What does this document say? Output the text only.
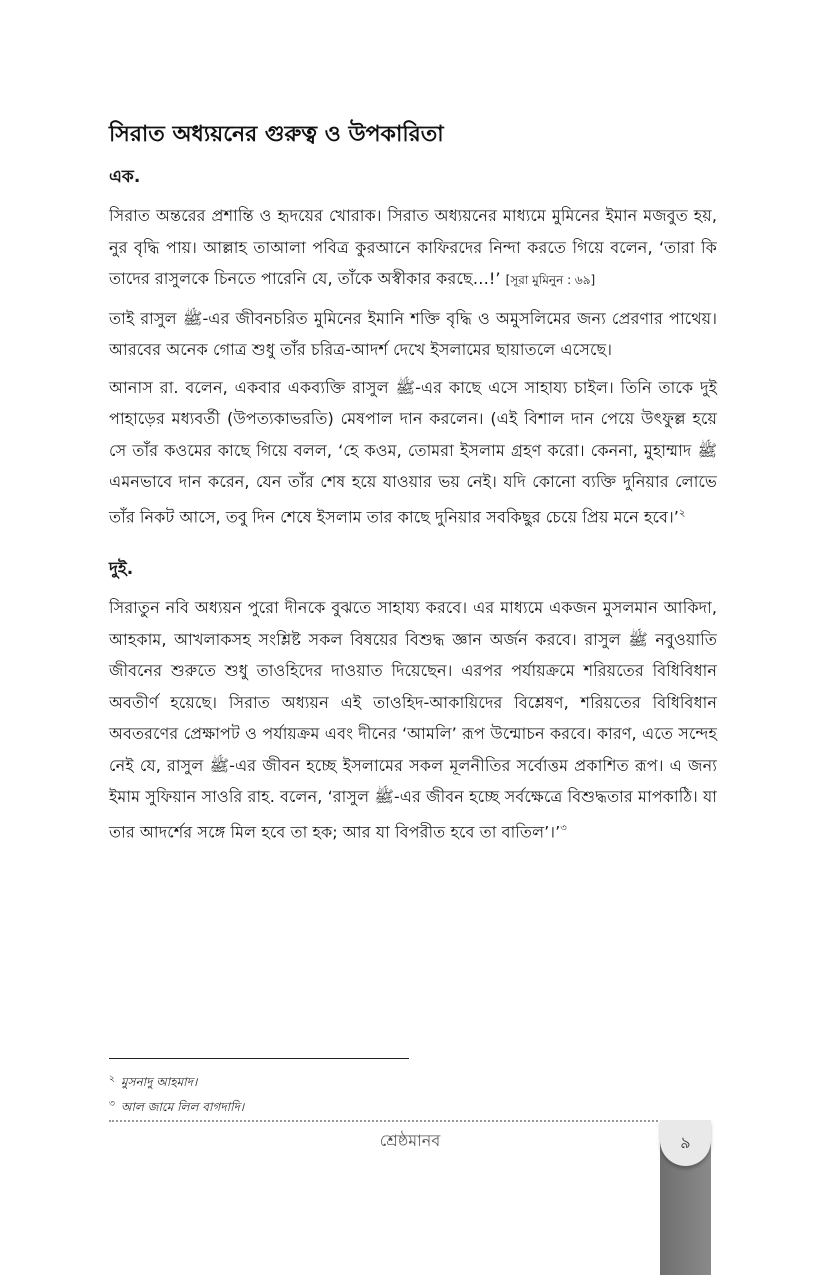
সিরাত অধ্যয়নের গুরুত্ব ও উপকারিতা
এক.

সিরাত অন্তরের প্রশান্তি ও হৃদয়ের খোরাক। সিরাত অধ্যয়নের মাধ্যমে মুমিনের ইমান মজবুত হয়, নুর বৃদ্ধি পায়। আল্লাহ তাআলা পবিত্র কুরআনে কাফিরদের নিন্দা করতে গিয়ে বলেন, ‘তারা কি তাদের রাসুলকে চিনতে পারেনি যে, তাঁকে অস্বীকার করছে…!’ [সূরা মুমিনুন : ৬৯]

তাই রাসুল ﷺ-এর জীবনচরিত মুমিনের ইমানি শক্তি বৃদ্ধি ও অমুসলিমের জন্য প্রেরণার পাথেয়। আরবের অনেক গোত্র শুধু তাঁর চরিত্র-আদর্শ দেখে ইসলামের ছায়াতলে এসেছে।

আনাস রা. বলেন, একবার একব্যক্তি রাসুল ﷺ-এর কাছে এসে সাহায্য চাইল। তিনি তাকে দুই পাহাড়ের মধ্যবর্তী (উপত্যকাভরতি) মেষপাল দান করলেন। (এই বিশাল দান পেয়ে উৎফুল্ল হয়ে সে তাঁর কওমের কাছে গিয়ে বলল, ‘হে কওম, তোমরা ইসলাম গ্রহণ করো। কেননা, মুহাম্মাদ ﷺ এমনভাবে দান করেন, যেন তাঁর শেষ হয়ে যাওয়ার ভয় নেই। যদি কোনো ব্যক্তি দুনিয়ার লোভে তাঁর নিকট আসে, তবু দিন শেষে ইসলাম তার কাছে দুনিয়ার সবকিছুর চেয়ে প্রিয় মনে হবে।’$^২$

দুই.

সিরাতুন নবি অধ্যয়ন পুরো দীনকে বুঝতে সাহায্য করবে। এর মাধ্যমে একজন মুসলমান আকিদা, আহকাম, আখলাকসহ সংশ্লিষ্ট সকল বিষয়ের বিশুদ্ধ জ্ঞান অর্জন করবে। রাসুল ﷺ নবুওয়াতি জীবনের শুরুতে শুধু তাওহিদের দাওয়াত দিয়েছেন। এরপর পর্যায়ক্রমে শরিয়তের বিধিবিধান অবতীর্ণ হয়েছে। সিরাত অধ্যয়ন এই তাওহিদ-আকায়িদের বিশ্লেষণ, শরিয়তের বিধিবিধান অবতরণের প্রেক্ষাপট ও পর্যায়ক্রম এবং দীনের ‘আমলি’ রূপ উন্মোচন করবে। কারণ, এতে সন্দেহ নেই যে, রাসুল ﷺ-এর জীবন হচ্ছে ইসলামের সকল মূলনীতির সর্বোত্তম প্রকাশিত রূপ। এ জন্য ইমাম সুফিয়ান সাওরি রাহ. বলেন, ‘রাসুল ﷺ-এর জীবন হচ্ছে সর্বক্ষেত্রে বিশুদ্ধতার মাপকাঠি। যা তার আদর্শের সঙ্গে মিল হবে তা হক; আর যা বিপরীত হবে তা বাতিল’।’$^৩$

$^২$ মুসনাদু আহমাদ।
$^৩$ আল জামে লিল বাগদাদি।
শ্রেষ্ঠমানব	৯
